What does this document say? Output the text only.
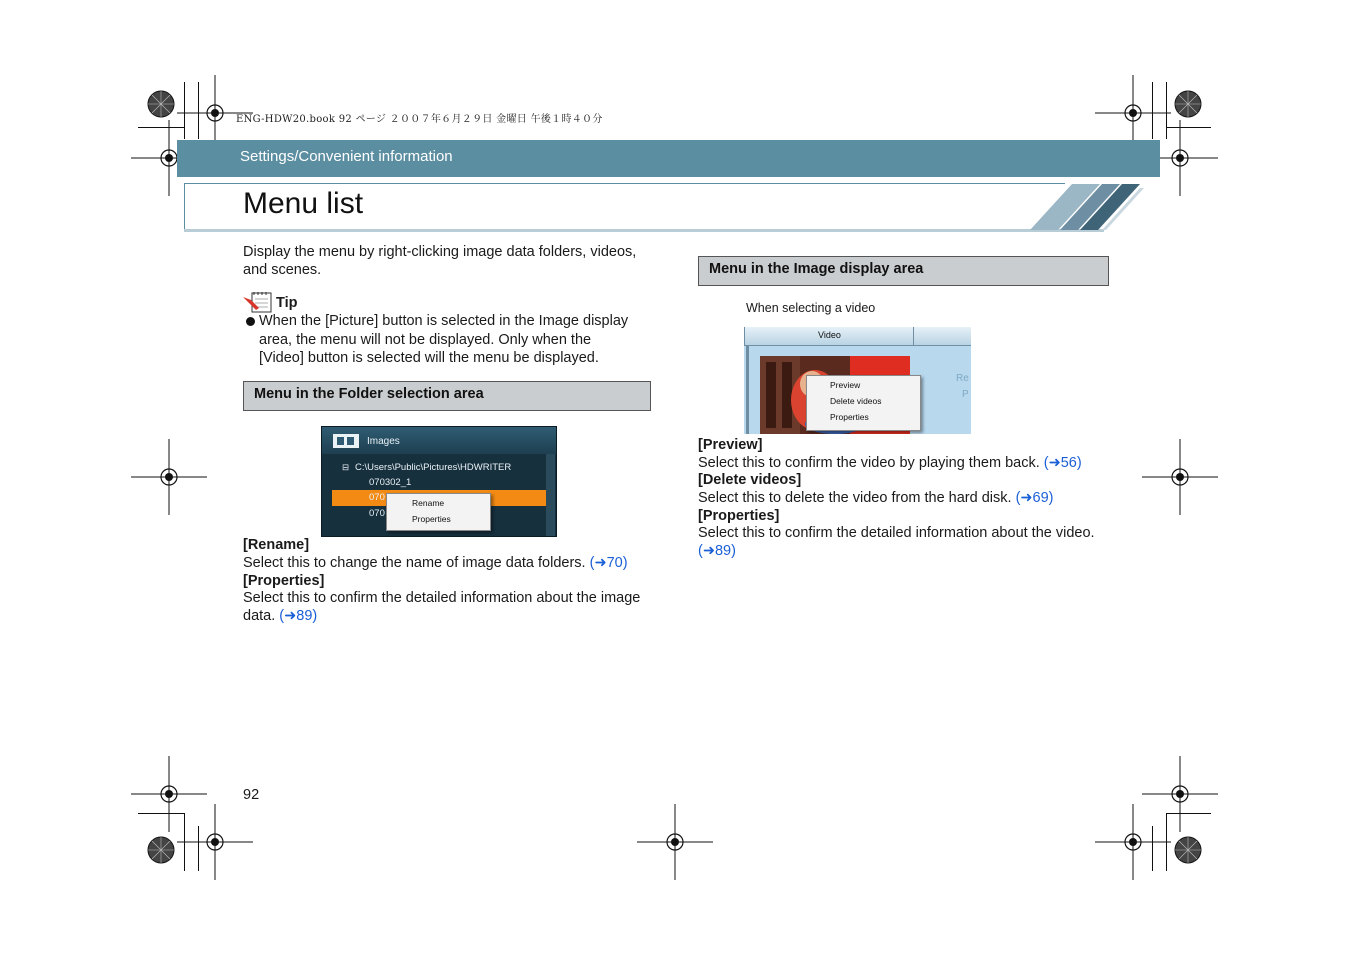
ENG-HDW20.book 92 ページ ２００７年６月２９日 金曜日 午後１時４０分
Settings/Convenient information
Menu list
Display the menu by right-clicking image data folders, videos, and scenes.
Tip
When the [Picture] button is selected in the Image display
area, the menu will not be displayed. Only when the
[Video] button is selected will the menu be displayed.
Menu in the Folder selection area
Images
⊟ C:\Users\Public\Pictures\HDWRITER
070302_1
070
070
Rename
Properties
[Rename]
Select this to change the name of image data folders. (➜70)
[Properties]
Select this to confirm the detailed information about the image
data. (➜89)
Menu in the Image display area
When selecting a video
Video
Re
P
Preview
Delete videos
Properties
[Preview]
Select this to confirm the video by playing them back. (➜56)
[Delete videos]
Select this to delete the video from the hard disk. (➜69)
[Properties]
Select this to confirm the detailed information about the video.
(➜89)
92
